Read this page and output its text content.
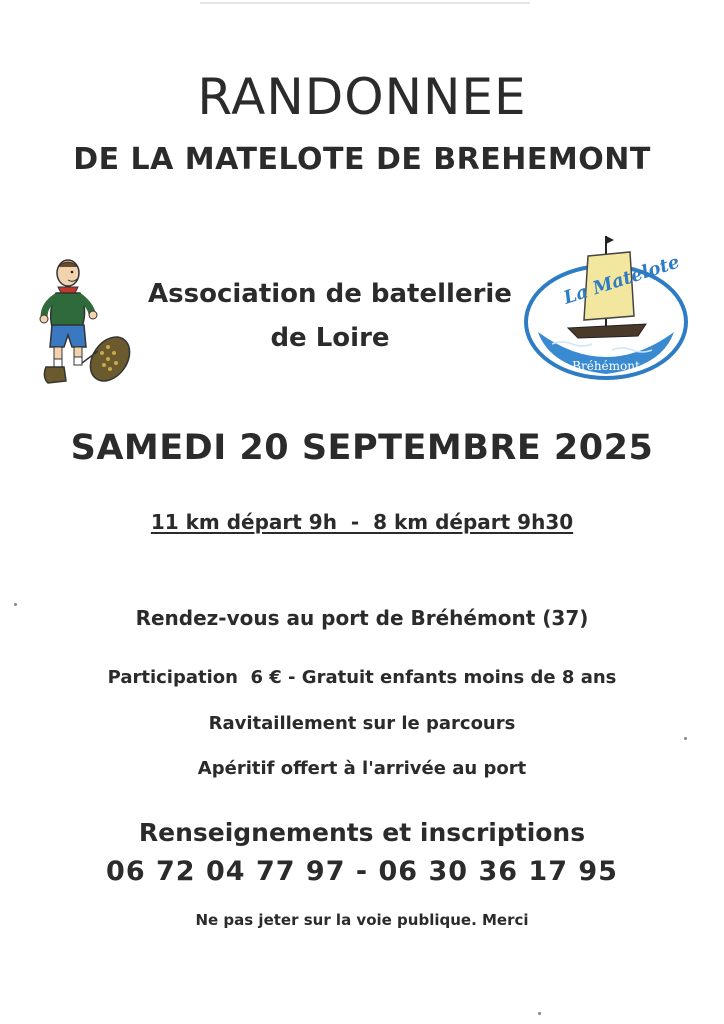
RANDONNEE
DE LA MATELOTE DE BREHEMONT
Association de batellerie
de Loire
La Matelote
Bréhémont
SAMEDI 20 SEPTEMBRE 2025
11 km départ 9h  -  8 km départ 9h30
Rendez-vous au port de Bréhémont (37)
Participation  6 € - Gratuit enfants moins de 8 ans
Ravitaillement sur le parcours
Apéritif offert à l'arrivée au port
Renseignements et inscriptions
06 72 04 77 97 - 06 30 36 17 95
Ne pas jeter sur la voie publique. Merci
